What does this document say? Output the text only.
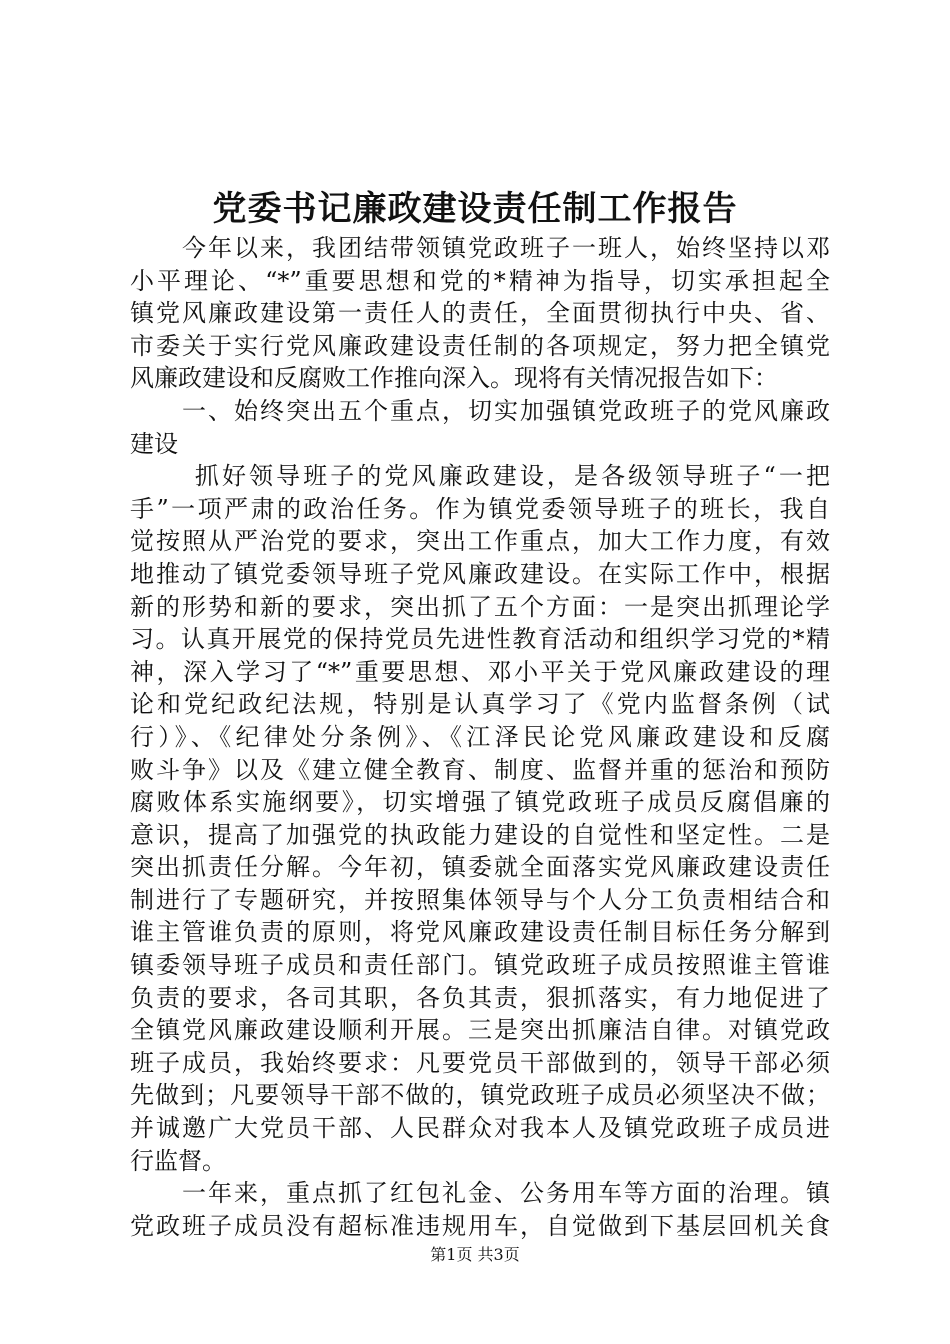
党委书记廉政建设责任制工作报告
　　今年以来，我团结带领镇党政班子一班人，始终坚持以邓
小平理论、“*”重要思想和党的*精神为指导，切实承担起全
镇党风廉政建设第一责任人的责任，全面贯彻执行中央、省、
市委关于实行党风廉政建设责任制的各项规定，努力把全镇党
风廉政建设和反腐败工作推向深入。现将有关情况报告如下：
　　一、始终突出五个重点，切实加强镇党政班子的党风廉政
建设
　　 抓好领导班子的党风廉政建设，是各级领导班子“一把
手”一项严肃的政治任务。作为镇党委领导班子的班长，我自
觉按照从严治党的要求，突出工作重点，加大工作力度，有效
地推动了镇党委领导班子党风廉政建设。在实际工作中，根据
新的形势和新的要求，突出抓了五个方面：一是突出抓理论学
习。认真开展党的保持党员先进性教育活动和组织学习党的*精
神，深入学习了“*”重要思想、邓小平关于党风廉政建设的理
论和党纪政纪法规，特别是认真学习了《党内监督条例（试
行）》、《纪律处分条例》、《江泽民论党风廉政建设和反腐
败斗争》以及《建立健全教育、制度、监督并重的惩治和预防
腐败体系实施纲要》，切实增强了镇党政班子成员反腐倡廉的
意识，提高了加强党的执政能力建设的自觉性和坚定性。二是
突出抓责任分解。今年初，镇委就全面落实党风廉政建设责任
制进行了专题研究，并按照集体领导与个人分工负责相结合和
谁主管谁负责的原则，将党风廉政建设责任制目标任务分解到
镇委领导班子成员和责任部门。镇党政班子成员按照谁主管谁
负责的要求，各司其职，各负其责，狠抓落实，有力地促进了
全镇党风廉政建设顺利开展。三是突出抓廉洁自律。对镇党政
班子成员，我始终要求：凡要党员干部做到的，领导干部必须
先做到；凡要领导干部不做的，镇党政班子成员必须坚决不做；
并诚邀广大党员干部、人民群众对我本人及镇党政班子成员进
行监督。
　　一年来，重点抓了红包礼金、公务用车等方面的治理。镇
党政班子成员没有超标准违规用车，自觉做到下基层回机关食
第1页 共3页
